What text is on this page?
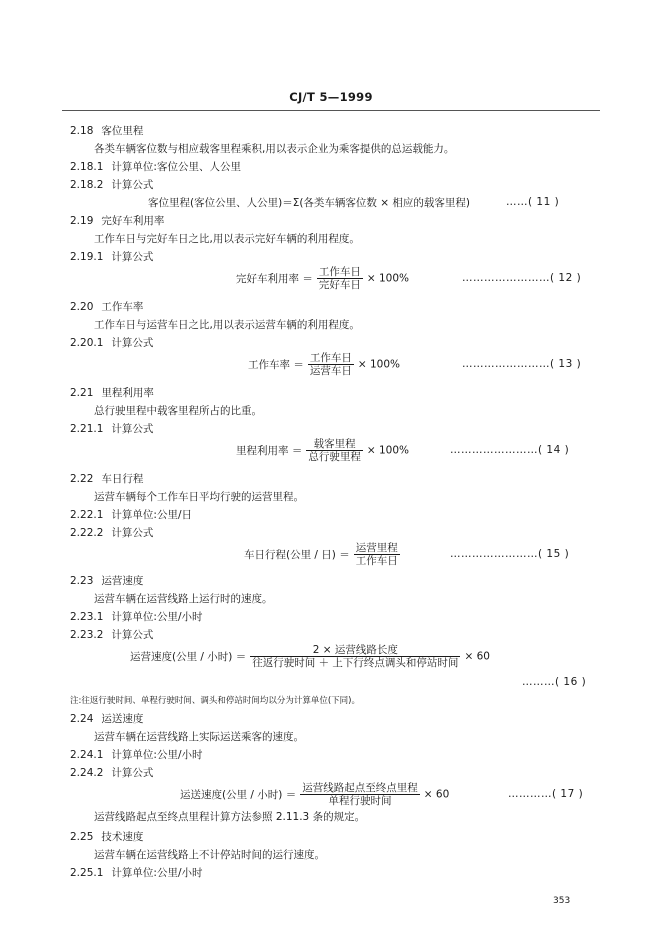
CJ/T 5—1999
2.18 客位里程
各类车辆客位数与相应载客里程乘积,用以表示企业为乘客提供的总运载能力。
2.18.1 计算单位:客位公里、人公里
2.18.2 计算公式
客位里程(客位公里、人公里)＝Σ(各类车辆客位数 × 相应的载客里程)	……( 11 )
2.19 完好车利用率
工作车日与完好车日之比,用以表示完好车辆的利用程度。
2.19.1 计算公式
完好车利用率 ＝ $\frac{\text{工作车日}}{\text{完好车日}} \times 100\%$	……………………( 12 )
2.20 工作车率
工作车日与运营车日之比,用以表示运营车辆的利用程度。
2.20.1 计算公式
工作车率 ＝ $\frac{\text{工作车日}}{\text{运营车日}} \times 100\%$	……………………( 13 )
2.21 里程利用率
总行驶里程中载客里程所占的比重。
2.21.1 计算公式
里程利用率 ＝ $\frac{\text{载客里程}}{\text{总行驶里程}} \times 100\%$	……………………( 14 )
2.22 车日行程
运营车辆每个工作车日平均行驶的运营里程。
2.22.1 计算单位:公里/日
2.22.2 计算公式
车日行程(公里 / 日) ＝ $\frac{\text{运营里程}}{\text{工作车日}}$	……………………( 15 )
2.23 运营速度
运营车辆在运营线路上运行时的速度。
2.23.1 计算单位:公里/小时
2.23.2 计算公式
运营速度(公里 / 小时) ＝ $\frac{\text{2 × 运营线路长度}}{\text{往返行驶时间 ＋ 上下行终点调头和停站时间}} \times 60$
………( 16 )
注:往返行驶时间、单程行驶时间、调头和停站时间均以分为计算单位(下同)。
2.24 运送速度
运营车辆在运营线路上实际运送乘客的速度。
2.24.1 计算单位:公里/小时
2.24.2 计算公式
运送速度(公里 / 小时) ＝ $\frac{\text{运营线路起点至终点里程}}{\text{单程行驶时间}} \times 60$	…………( 17 )
运营线路起点至终点里程计算方法参照 2.11.3 条的规定。
2.25 技术速度
运营车辆在运营线路上不计停站时间的运行速度。
2.25.1 计算单位:公里/小时
353
